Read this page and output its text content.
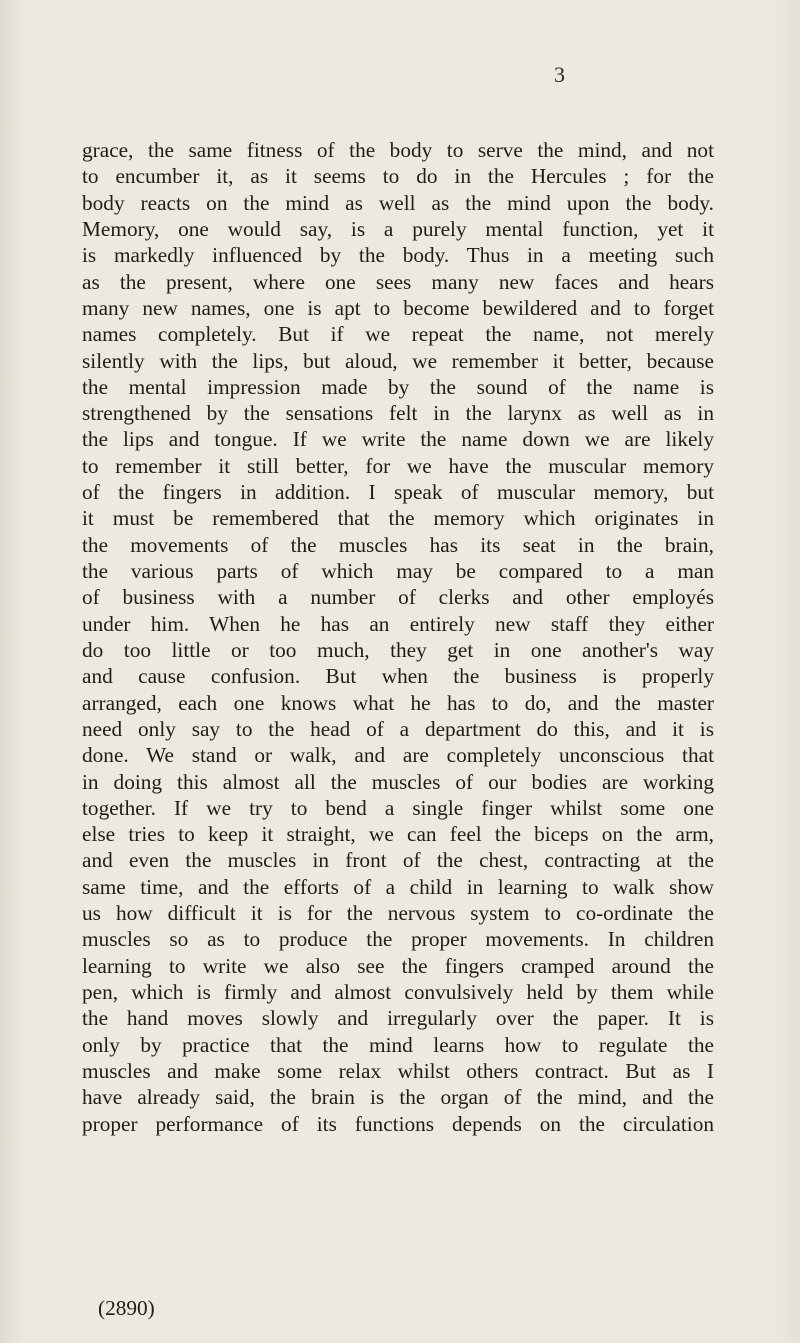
3
grace, the same fitness of the body to serve the mind, and not
to encumber it, as it seems to do in the Hercules ; for the
body reacts on the mind as well as the mind upon the body.
Memory, one would say, is a purely mental function, yet it
is markedly influenced by the body. Thus in a meeting such
as the present, where one sees many new faces and hears
many new names, one is apt to become bewildered and to forget
names completely. But if we repeat the name, not merely
silently with the lips, but aloud, we remember it better, because
the mental impression made by the sound of the name is
strengthened by the sensations felt in the larynx as well as in
the lips and tongue. If we write the name down we are likely
to remember it still better, for we have the muscular memory
of the fingers in addition. I speak of muscular memory, but
it must be remembered that the memory which originates in
the movements of the muscles has its seat in the brain,
the various parts of which may be compared to a man
of business with a number of clerks and other employés
under him. When he has an entirely new staff they either
do too little or too much, they get in one another's way
and cause confusion. But when the business is properly
arranged, each one knows what he has to do, and the master
need only say to the head of a department do this, and it is
done. We stand or walk, and are completely unconscious that
in doing this almost all the muscles of our bodies are working
together. If we try to bend a single finger whilst some one
else tries to keep it straight, we can feel the biceps on the arm,
and even the muscles in front of the chest, contracting at the
same time, and the efforts of a child in learning to walk show
us how difficult it is for the nervous system to co-ordinate the
muscles so as to produce the proper movements. In children
learning to write we also see the fingers cramped around the
pen, which is firmly and almost convulsively held by them while
the hand moves slowly and irregularly over the paper. It is
only by practice that the mind learns how to regulate the
muscles and make some relax whilst others contract. But as I
have already said, the brain is the organ of the mind, and the
proper performance of its functions depends on the circulation
(2890)
